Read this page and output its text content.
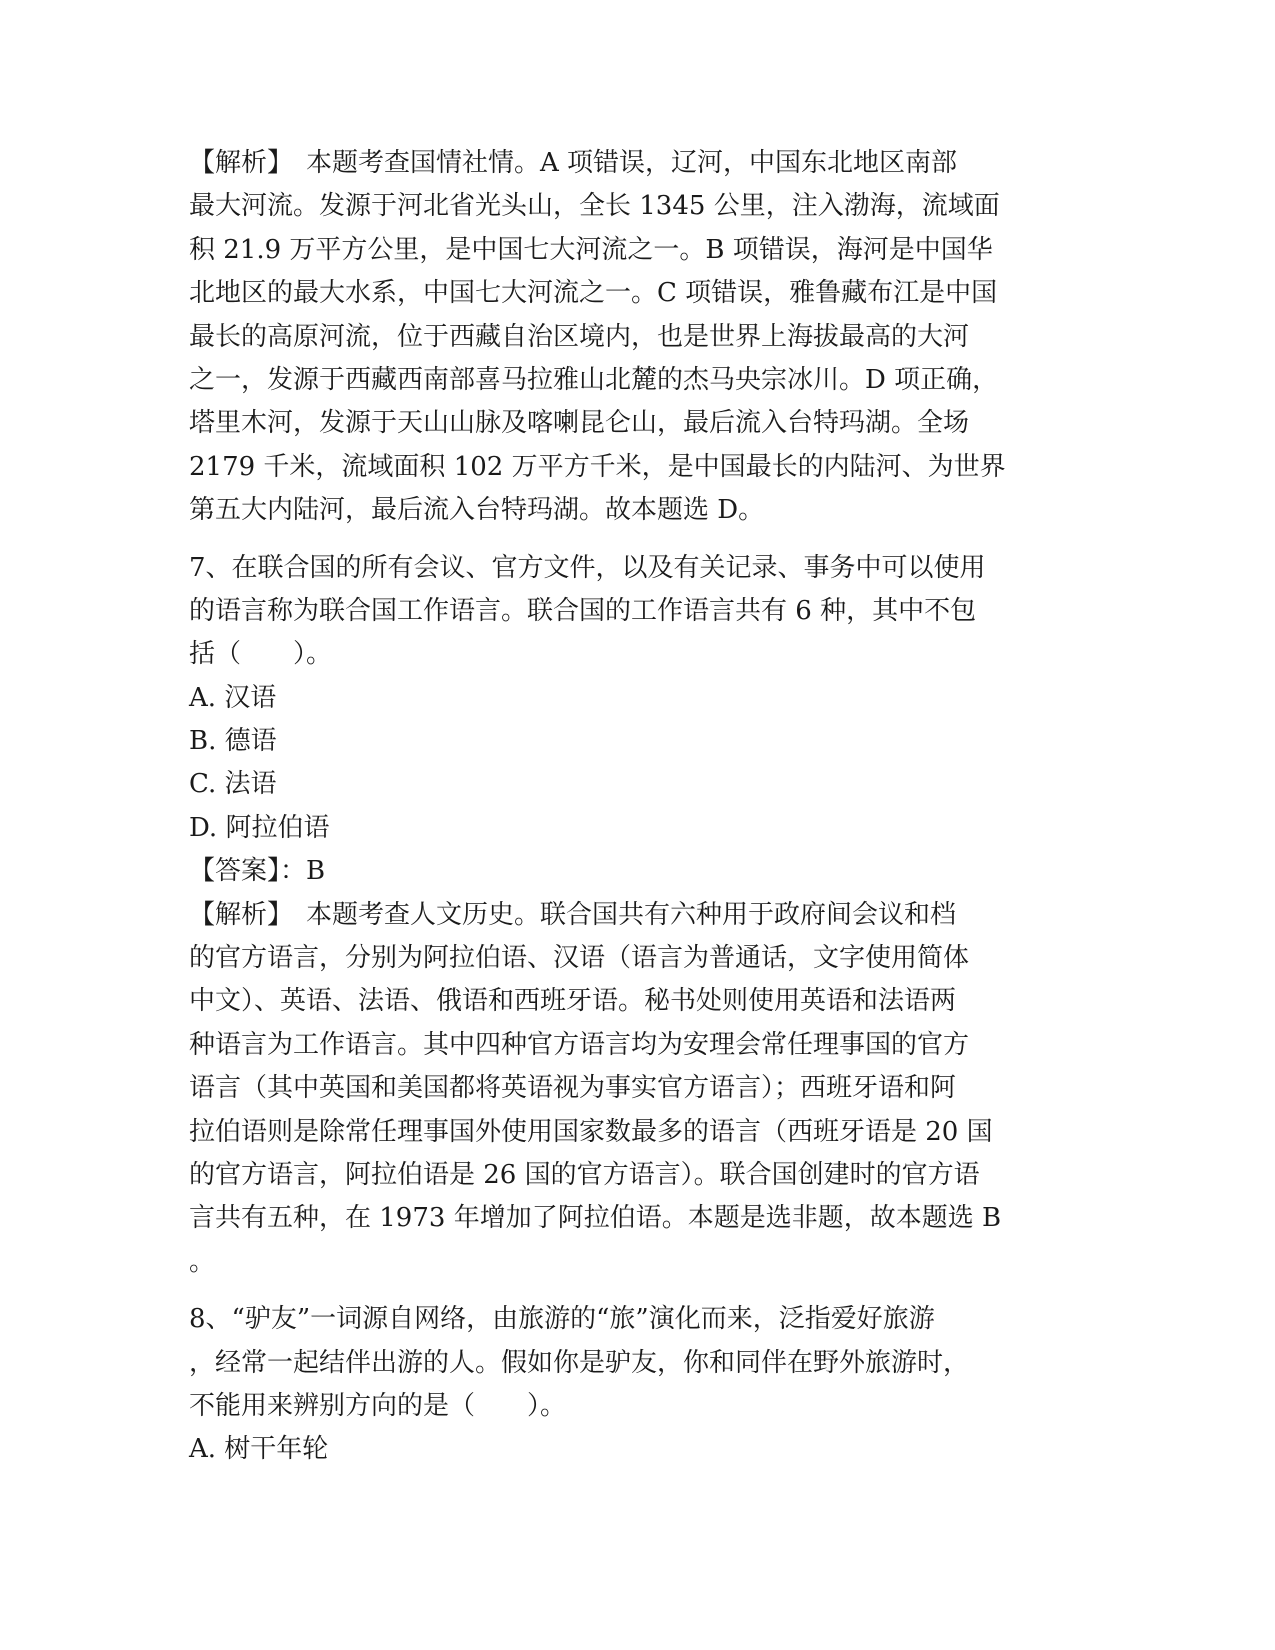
【解析】　本题考查国情社情。A 项错误，辽河，中国东北地区南部
最大河流。发源于河北省光头山，全长 1345 公里，注入渤海，流域面
积 21.9 万平方公里，是中国七大河流之一。B 项错误，海河是中国华
北地区的最大水系，中国七大河流之一。C 项错误，雅鲁藏布江是中国
最长的高原河流，位于西藏自治区境内，也是世界上海拔最高的大河
之一，发源于西藏西南部喜马拉雅山北麓的杰马央宗冰川。D 项正确，
塔里木河，发源于天山山脉及喀喇昆仑山，最后流入台特玛湖。全场
2179 千米，流域面积 102 万平方千米，是中国最长的内陆河、为世界
第五大内陆河，最后流入台特玛湖。故本题选 D。
7、在联合国的所有会议、官方文件，以及有关记录、事务中可以使用
的语言称为联合国工作语言。联合国的工作语言共有 6 种，其中不包
括（　　）。
A. 汉语
B. 德语
C. 法语
D. 阿拉伯语
【答案】：B
【解析】　本题考查人文历史。联合国共有六种用于政府间会议和档
的官方语言，分别为阿拉伯语、汉语（语言为普通话，文字使用简体
中文）、英语、法语、俄语和西班牙语。秘书处则使用英语和法语两
种语言为工作语言。其中四种官方语言均为安理会常任理事国的官方
语言（其中英国和美国都将英语视为事实官方语言）；西班牙语和阿
拉伯语则是除常任理事国外使用国家数最多的语言（西班牙语是 20 国
的官方语言，阿拉伯语是 26 国的官方语言）。联合国创建时的官方语
言共有五种，在 1973 年增加了阿拉伯语。本题是选非题，故本题选 B
。
8、“驴友”一词源自网络，由旅游的“旅”演化而来，泛指爱好旅游
，经常一起结伴出游的人。假如你是驴友，你和同伴在野外旅游时，
不能用来辨别方向的是（　　）。
A. 树干年轮
